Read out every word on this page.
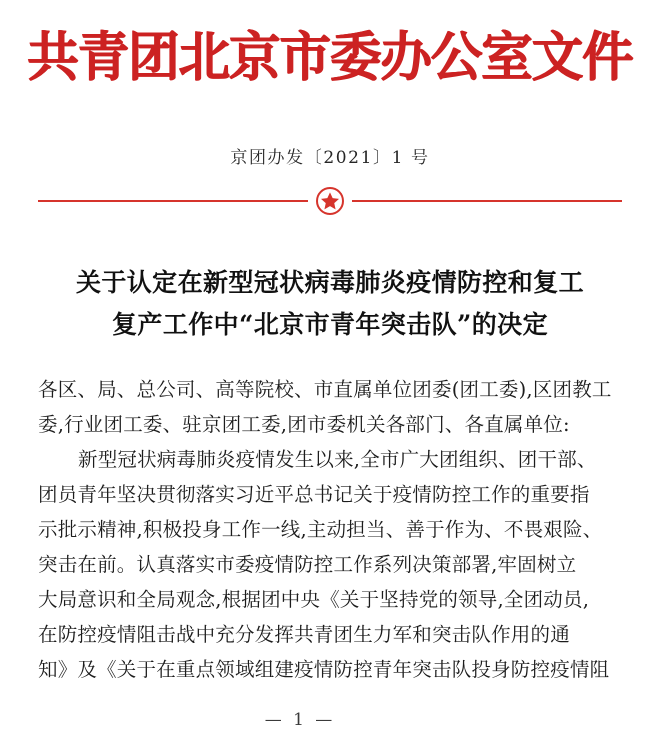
共青团北京市委办公室文件
京团办发〔2021〕1 号
关于认定在新型冠状病毒肺炎疫情防控和复工
复产工作中“北京市青年突击队”的决定
各区、局、总公司、高等院校、市直属单位团委(团工委),区团教工
委,行业团工委、驻京团工委,团市委机关各部门、各直属单位:
新型冠状病毒肺炎疫情发生以来,全市广大团组织、团干部、
团员青年坚决贯彻落实习近平总书记关于疫情防控工作的重要指
示批示精神,积极投身工作一线,主动担当、善于作为、不畏艰险、
突击在前。认真落实市委疫情防控工作系列决策部署,牢固树立
大局意识和全局观念,根据团中央《关于坚持党的领导,全团动员,
在防控疫情阻击战中充分发挥共青团生力军和突击队作用的通
知》及《关于在重点领域组建疫情防控青年突击队投身防控疫情阻
— 1 —
